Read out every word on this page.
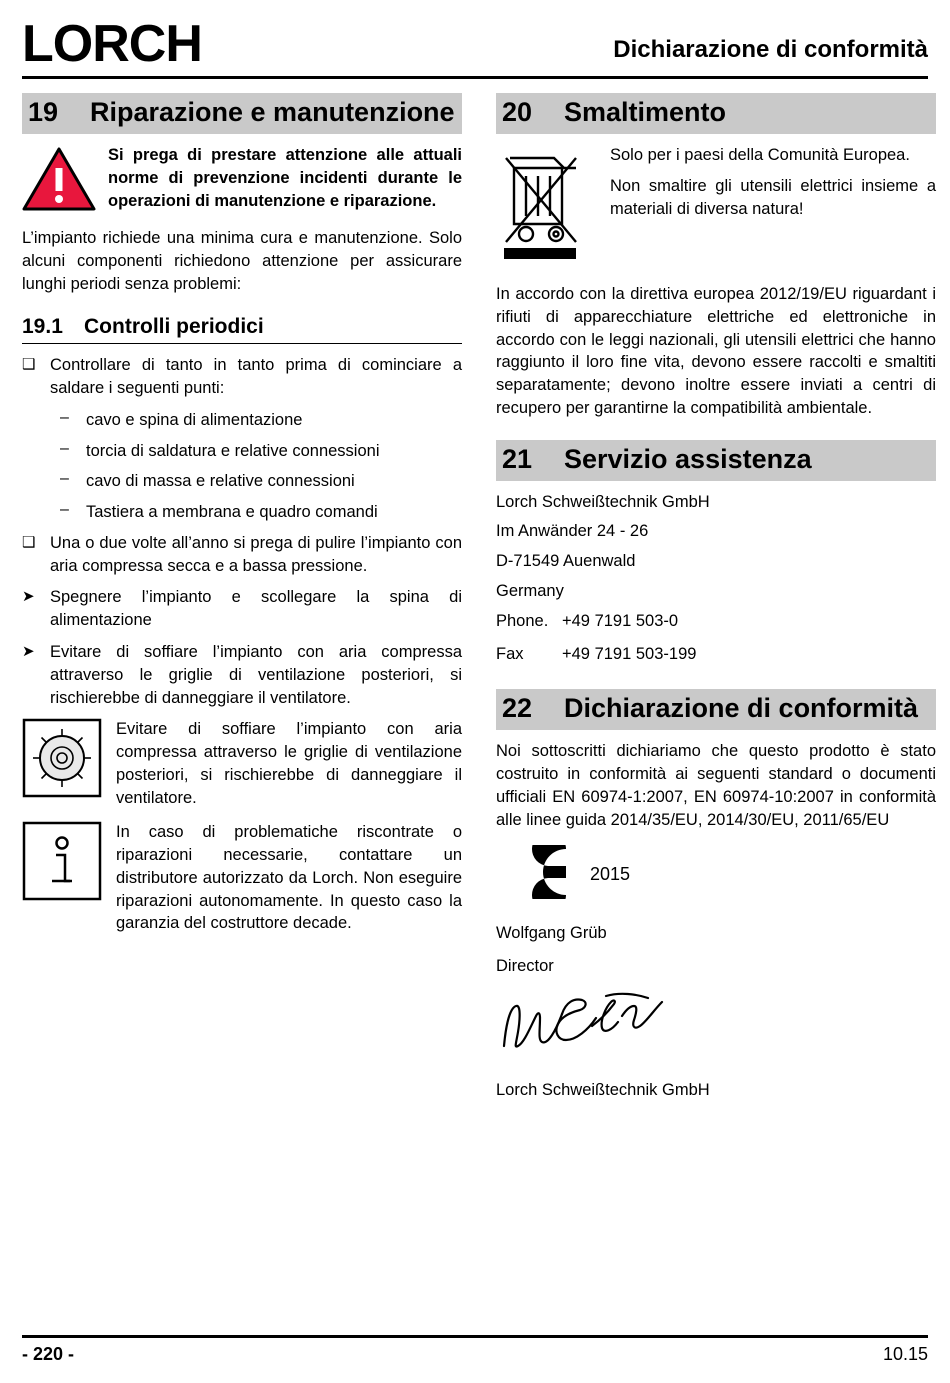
LORCH	Dichiarazione di conformità
19	Riparazione e manutenzione
Si prega di prestare attenzione alle attuali norme di prevenzione incidenti durante le operazioni di manutenzione e riparazione.

L’impianto richiede una minima cura e manutenzione. Solo alcuni componenti richiedono attenzione per assicurare lunghi periodi senza problemi:

19.1	Controlli periodici
❑ Controllare di tanto in tanto prima di cominciare a saldare i seguenti punti:
–	cavo e spina di alimentazione
–	torcia di saldatura e relative connessioni
–	cavo di massa e relative connessioni
–	Tastiera a membrana e quadro comandi
❑ Una o due volte all’anno si prega di pulire l’impianto con aria compressa secca e a bassa pressione.
➤ Spegnere l’impianto e scollegare la spina di alimentazione
➤ Evitare di soffiare l’impianto con aria compressa attraverso le griglie di ventilazione posteriori, si rischierebbe di danneggiare il ventilatore.
Evitare di soffiare l’impianto con aria compressa attraverso le griglie di ventilazione posteriori, si rischierebbe di danneggiare il ventilatore.
In caso di problematiche riscontrate o riparazioni necessarie, contattare un distributore autorizzato da Lorch. Non eseguire riparazioni autonomamente. In questo caso la garanzia del costruttore decade.
20	Smaltimento

Solo per i paesi della Comunità Europea.

Non smaltire gli utensili elettrici insieme a materiali di diversa natura!

In accordo con la direttiva europea 2012/19/EU riguardant i rifiuti di apparecchiature elettriche ed elettroniche in accordo con le leggi nazionali, gli utensili elettrici che hanno raggiunto il loro fine vita, devono essere raccolti e smaltiti separatamente; devono inoltre essere inviati a centri di recupero per garantirne la compatibilità ambientale.

21	Servizio assistenza

Lorch Schweißtechnik GmbH

Im Anwänder 24 - 26

D-71549 Auenwald

Germany

Phone. +49 7191 503-0
Fax	+49 7191 503-199
22	Dichiarazione di conformità

Noi sottoscritti dichiariamo che questo prodotto è stato costruito in conformità ai seguenti standard o documenti ufficiali EN 60974-1:2007, EN 60974-10:2007 in conformità alle linee guida 2014/35/EU, 2014/30/EU, 2011/65/EU

2015

Wolfgang Grüb

Director

Lorch Schweißtechnik GmbH

- 220 -	10.15
